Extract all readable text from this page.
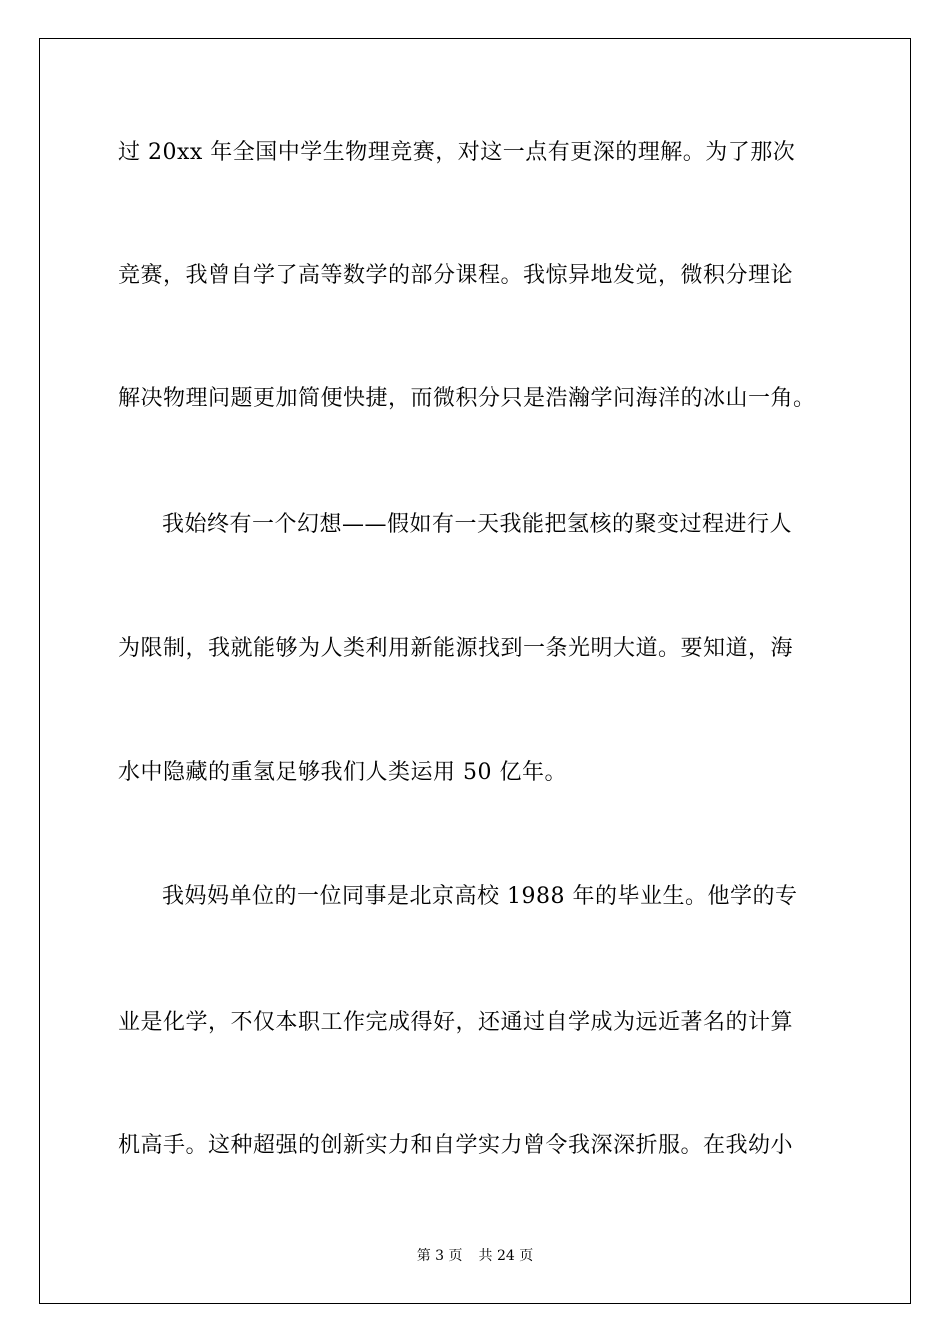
过 20xx 年全国中学生物理竞赛，对这一点有更深的理解。为了那次
竞赛，我曾自学了高等数学的部分课程。我惊异地发觉，微积分理论
解决物理问题更加简便快捷，而微积分只是浩瀚学问海洋的冰山一角。
我始终有一个幻想——假如有一天我能把氢核的聚变过程进行人
为限制，我就能够为人类利用新能源找到一条光明大道。要知道，海
水中隐藏的重氢足够我们人类运用 50 亿年。
我妈妈单位的一位同事是北京高校 1988 年的毕业生。他学的专
业是化学，不仅本职工作完成得好，还通过自学成为远近著名的计算
机高手。这种超强的创新实力和自学实力曾令我深深折服。在我幼小
第 3 页 共 24 页
